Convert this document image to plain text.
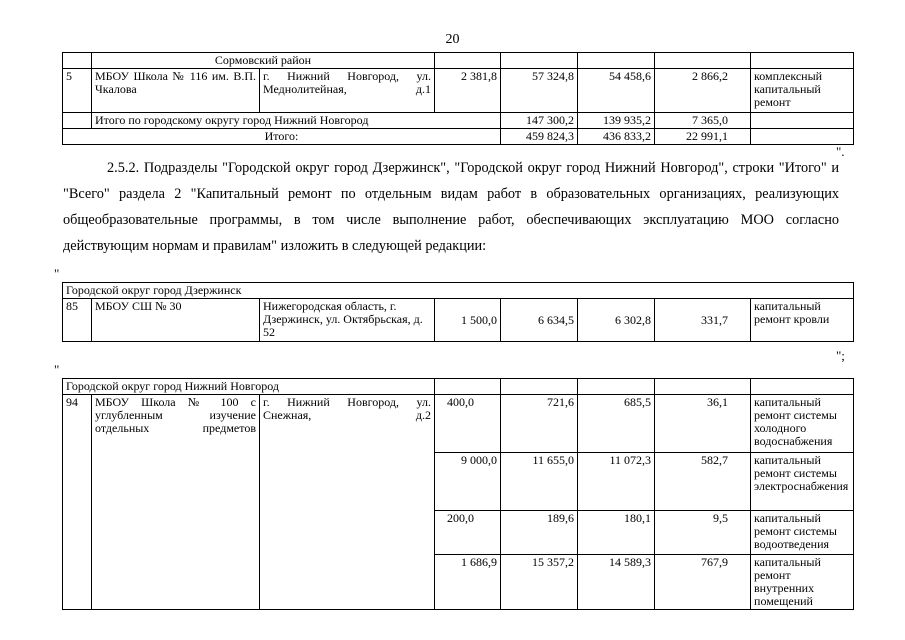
20
	Сормовский район						
5	МБОУ Школа № 116 им. В.П. Чкалова	г. Нижний Новгород, ул. Меднолитейная, д.1	2 381,8	57 324,8	54 458,6	2 866,2	комплексный капитальный ремонт
	Итого по городскому округу город Нижний Новгород			147 300,2	139 935,2	7 365,0	
Итого:				459 824,3	436 833,2	22 991,1	
".
2.5.2. Подразделы "Городской округ город Дзержинск", "Городской округ город Нижний Новгород", строки "Итого" и "Всего" раздела 2 "Капитальный ремонт по отдельным видам работ в образовательных организациях, реализующих общеобразовательные программы, в том числе выполнение работ, обеспечивающих эксплуатацию МОО согласно действующим нормам и правилам" изложить в следующей редакции:
"
Городской округ город Дзержинск
85	МБОУ СШ № 30	Нижегородская область, г. Дзержинск, ул. Октябрьская, д. 52	1 500,0	6 634,5	6 302,8	331,7	капитальный ремонт кровли
";
"
Городской округ город Нижний Новгород							
94	МБОУ Школа № 100 с углубленным изучение отдельных предметов	г. Нижний Новгород, ул. Снежная, д.2	400,0	721,6	685,5	36,1	капитальный ремонт системы холодного водоснабжения
			9 000,0	11 655,0	11 072,3	582,7	капитальный ремонт системы электроснабжения
			200,0	189,6	180,1	9,5	капитальный ремонт системы водоотведения
			1 686,9	15 357,2	14 589,3	767,9	капитальный ремонт внутренних помещений
